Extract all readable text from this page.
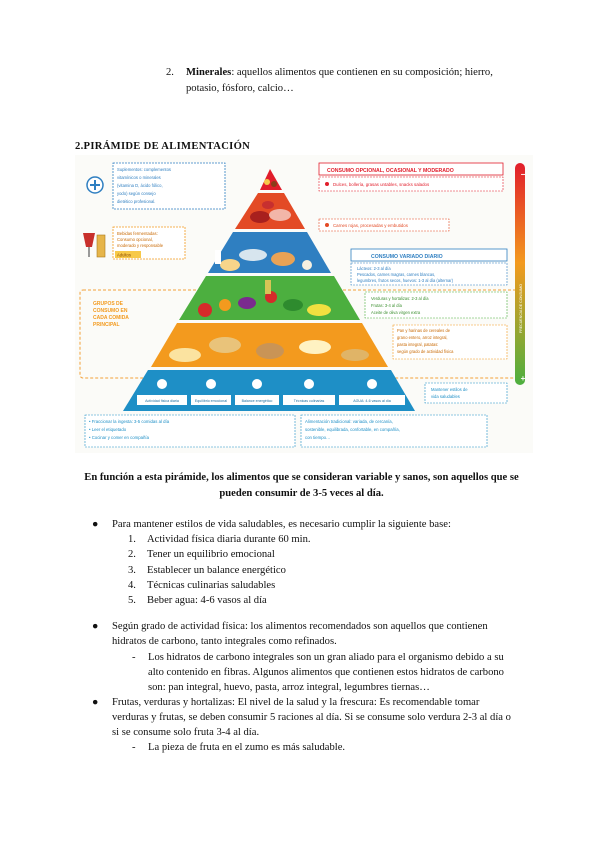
2. Minerales: aquellos alimentos que contienen en su composición; hierro,
potasio, fósforo, calcio…
2.PIRÁMIDE DE ALIMENTACIÓN
Suplementos: complementos
vitamínicos o minerales
(vitamina D, ácido fólico,
yodo) según consejo
dietético profesional.
Bebidas fermentadas:
Consumo opcional,
moderado y responsable
Adultos
GRUPOS DE
CONSUMO EN
CADA COMIDA
PRINCIPAL
Actividad física diaria	Equilibrio emocional	Balance energético	Técnicas culinarias	AGUA: 4-6 vasos al día
CONSUMO OPCIONAL, OCASIONAL Y MODERADO
Dulces, bollería, grasas untables, snacks salados
Carnes rojas, procesadas y embutidos
CONSUMO VARIADO DIARIO
Lácteos: 2-3 al día
Pescados, carnes magras, carnes blancas,
legumbres, frutos secos, huevos: 1-3 al día (alternar)
Verduras y hortalizas: 2-3 al día
Frutas: 3-4 al día
Aceite de oliva virgen extra
Pan y harinas de cereales de
grano entero, arroz integral,
pasta integral, patatas:
según grado de actividad física
Mantener estilos de
vida saludables
−
+
FRECUENCIA DE CONSUMO
• Fraccionar la ingesta: 3-5 comidas al día
• Leer el etiquetado
• Cocinar y comer en compañía
Alimentación tradicional: variada, de cercanía,
sostenible, equilibrada, confortable, en compañía,
con tiempo…
En función a esta pirámide, los alimentos que se consideran variable y sanos, son aquellos que se
pueden consumir de 3-5 veces al día.
● Para mantener estilos de vida saludables, es necesario cumplir la siguiente base:
1. Actividad física diaria durante 60 min.
2. Tener un equilibrio emocional
3. Establecer un balance energético
4. Técnicas culinarias saludables
5. Beber agua: 4-6 vasos al día
● Según grado de actividad física: los alimentos recomendados son aquellos que contienen
hidratos de carbono, tanto integrales como refinados.
- Los hidratos de carbono integrales son un gran aliado para el organismo debido a su
alto contenido en fibras. Algunos alimentos que contienen estos hidratos de carbono
son: pan integral, huevo, pasta, arroz integral, legumbres tiernas…
● Frutas, verduras y hortalizas: El nivel de la salud y la frescura: Es recomendable tomar
verduras y frutas, se deben consumir 5 raciones al día. Si se consume solo verdura 2-3 al día o
si se consume solo fruta 3-4 al día.
- La pieza de fruta en el zumo es más saludable.
